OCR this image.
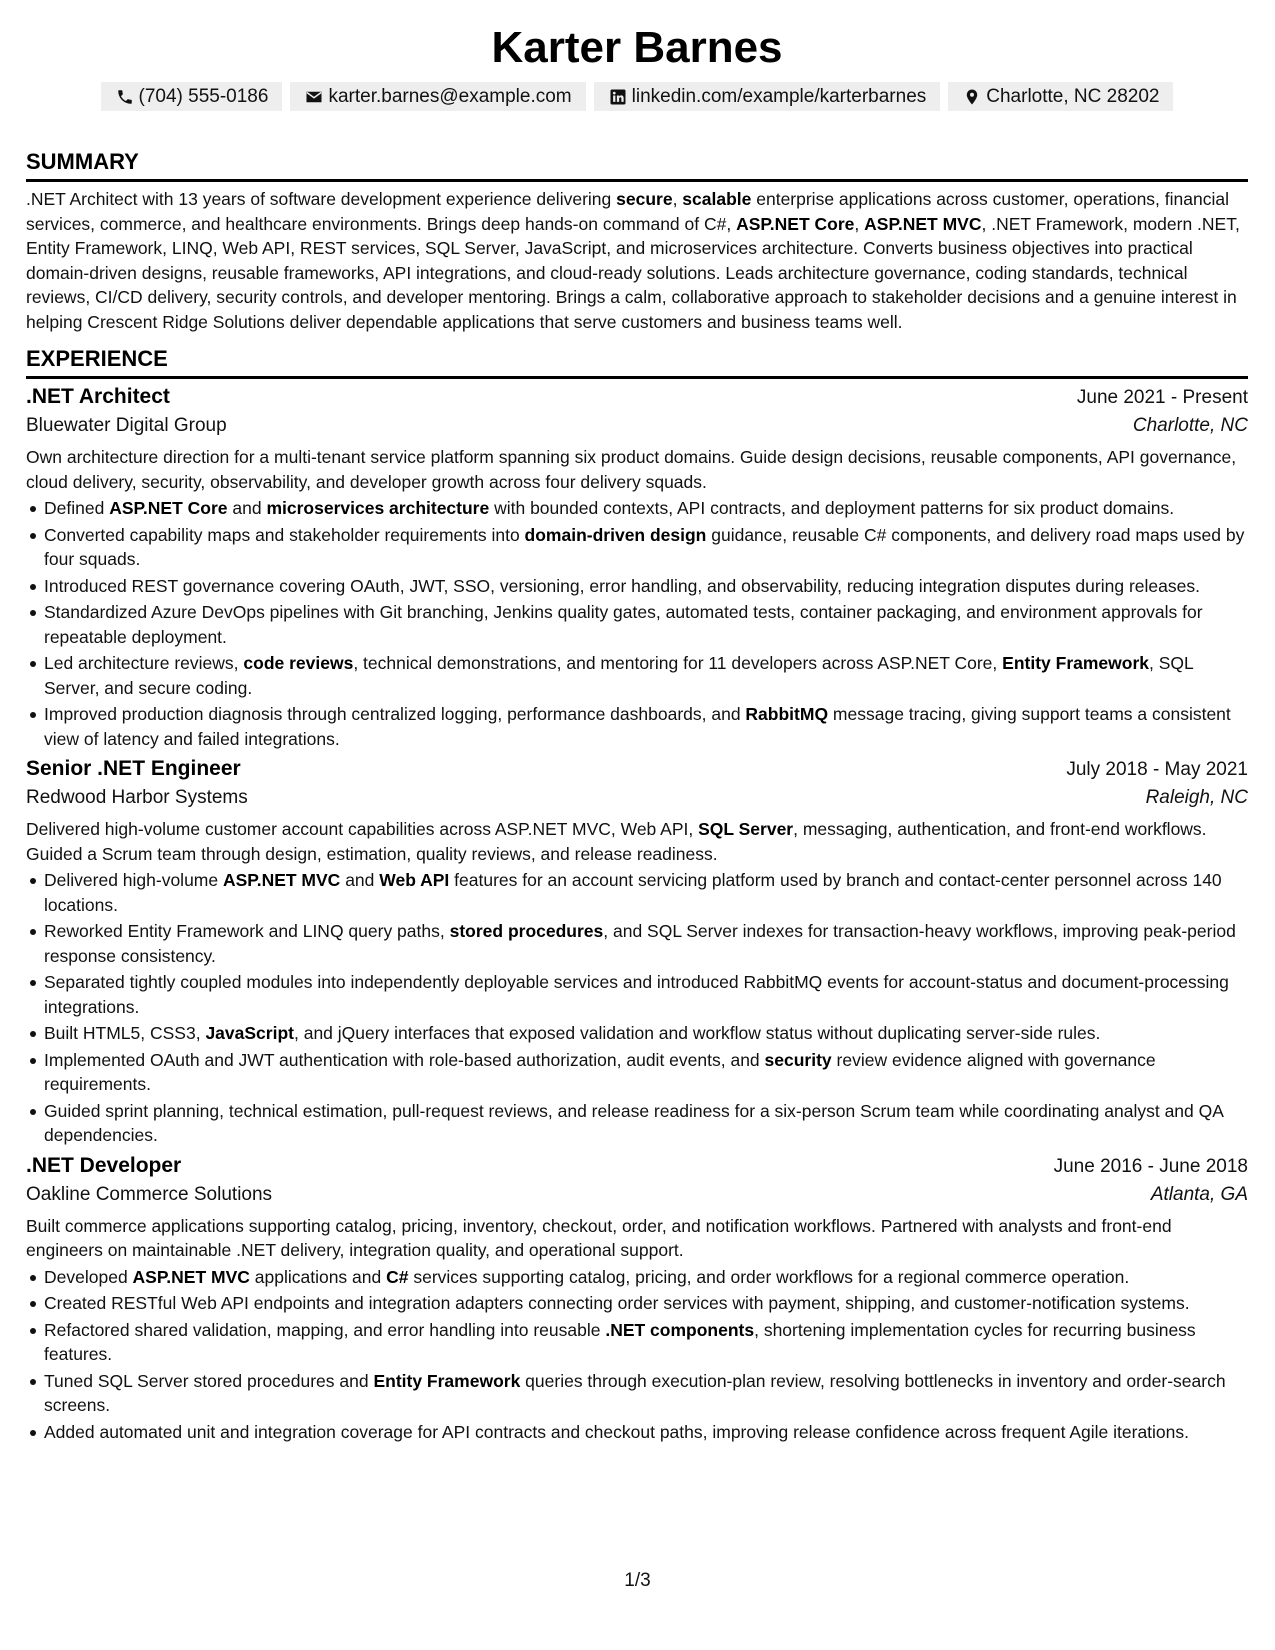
Karter Barnes
(704) 555-0186	karter.barnes@example.com	linkedin.com/example/karterbarnes	Charlotte, NC 28202
SUMMARY

.NET Architect with 13 years of software development experience delivering secure, scalable enterprise applications across customer, operations, financial services, commerce, and healthcare environments. Brings deep hands-on command of C#, ASP.NET Core, ASP.NET MVC, .NET Framework, modern .NET, Entity Framework, LINQ, Web API, REST services, SQL Server, JavaScript, and microservices architecture. Converts business objectives into practical domain-driven designs, reusable frameworks, API integrations, and cloud-ready solutions. Leads architecture governance, coding standards, technical reviews, CI/CD delivery, security controls, and developer mentoring. Brings a calm, collaborative approach to stakeholder decisions and a genuine interest in helping Crescent Ridge Solutions deliver dependable applications that serve customers and business teams well.

EXPERIENCE
.NET Architect	June 2021 - Present
Bluewater Digital Group	Charlotte, NC
Own architecture direction for a multi-tenant service platform spanning six product domains. Guide design decisions, reusable components, API governance, cloud delivery, security, observability, and developer growth across four delivery squads.
Defined ASP.NET Core and microservices architecture with bounded contexts, API contracts, and deployment patterns for six product domains.
Converted capability maps and stakeholder requirements into domain-driven design guidance, reusable C# components, and delivery road maps used by four squads.
Introduced REST governance covering OAuth, JWT, SSO, versioning, error handling, and observability, reducing integration disputes during releases.
Standardized Azure DevOps pipelines with Git branching, Jenkins quality gates, automated tests, container packaging, and environment approvals for repeatable deployment.
Led architecture reviews, code reviews, technical demonstrations, and mentoring for 11 developers across ASP.NET Core, Entity Framework, SQL Server, and secure coding.
Improved production diagnosis through centralized logging, performance dashboards, and RabbitMQ message tracing, giving support teams a consistent view of latency and failed integrations.
Senior .NET Engineer	July 2018 - May 2021
Redwood Harbor Systems	Raleigh, NC
Delivered high-volume customer account capabilities across ASP.NET MVC, Web API, SQL Server, messaging, authentication, and front-end workflows. Guided a Scrum team through design, estimation, quality reviews, and release readiness.
Delivered high-volume ASP.NET MVC and Web API features for an account servicing platform used by branch and contact-center personnel across 140 locations.
Reworked Entity Framework and LINQ query paths, stored procedures, and SQL Server indexes for transaction-heavy workflows, improving peak-period response consistency.
Separated tightly coupled modules into independently deployable services and introduced RabbitMQ events for account-status and document-processing integrations.
Built HTML5, CSS3, JavaScript, and jQuery interfaces that exposed validation and workflow status without duplicating server-side rules.
Implemented OAuth and JWT authentication with role-based authorization, audit events, and security review evidence aligned with governance requirements.
Guided sprint planning, technical estimation, pull-request reviews, and release readiness for a six-person Scrum team while coordinating analyst and QA dependencies.
.NET Developer	June 2016 - June 2018
Oakline Commerce Solutions	Atlanta, GA
Built commerce applications supporting catalog, pricing, inventory, checkout, order, and notification workflows. Partnered with analysts and front-end engineers on maintainable .NET delivery, integration quality, and operational support.
Developed ASP.NET MVC applications and C# services supporting catalog, pricing, and order workflows for a regional commerce operation.
Created RESTful Web API endpoints and integration adapters connecting order services with payment, shipping, and customer-notification systems.
Refactored shared validation, mapping, and error handling into reusable .NET components, shortening implementation cycles for recurring business features.
Tuned SQL Server stored procedures and Entity Framework queries through execution-plan review, resolving bottlenecks in inventory and order-search screens.
Added automated unit and integration coverage for API contracts and checkout paths, improving release confidence across frequent Agile iterations.
1/3
